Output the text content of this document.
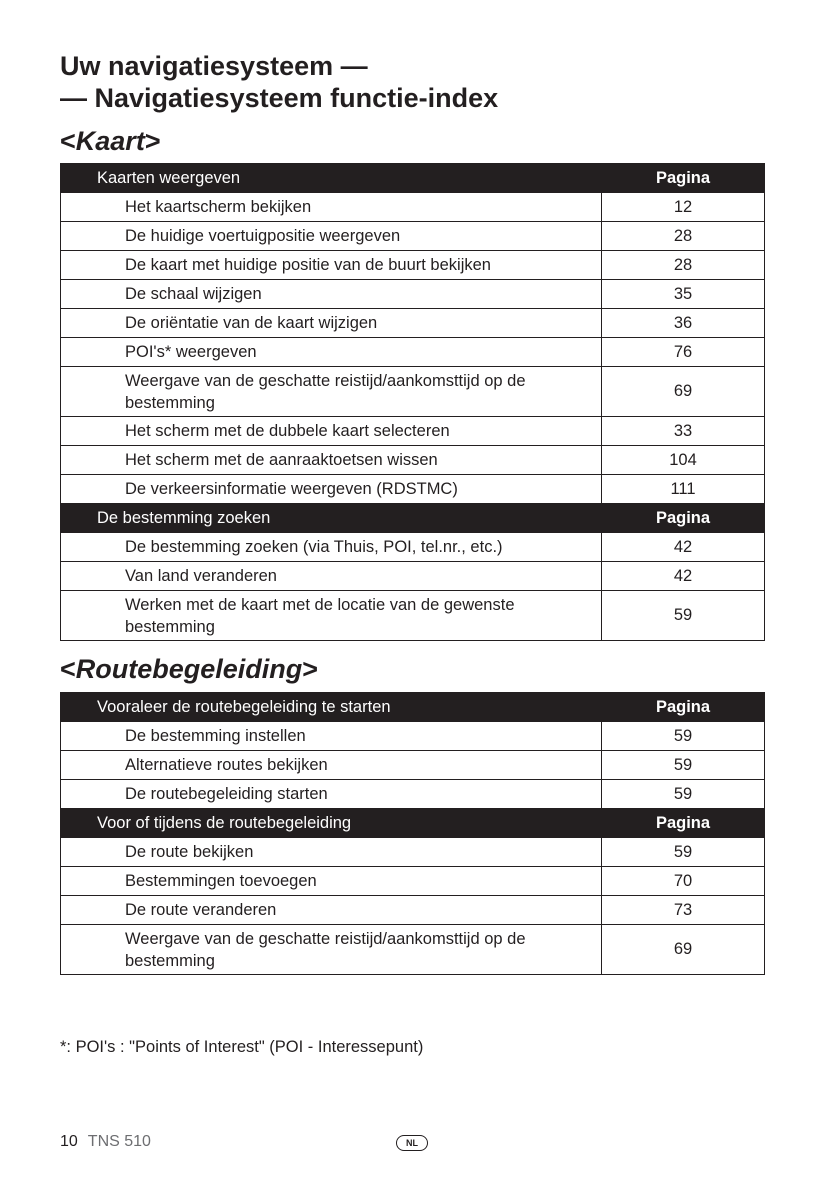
Uw navigatiesysteem —
— Navigatiesysteem functie-index
<Kaart>
Kaarten weergeven	Pagina
Het kaartscherm bekijken	12
De huidige voertuigpositie weergeven	28
De kaart met huidige positie van de buurt bekijken	28
De schaal wijzigen	35
De oriëntatie van de kaart wijzigen	36
POI's* weergeven	76
Weergave van de geschatte reistijd/aankomsttijd op de
bestemming	69
Het scherm met de dubbele kaart selecteren	33
Het scherm met de aanraaktoetsen wissen	104
De verkeersinformatie weergeven (RDSTMC)	111
De bestemming zoeken	Pagina
De bestemming zoeken (via Thuis, POI, tel.nr., etc.)	42
Van land veranderen	42
Werken met de kaart met de locatie van de gewenste
bestemming	59
<Routebegeleiding>
Vooraleer de routebegeleiding te starten	Pagina
De bestemming instellen	59
Alternatieve routes bekijken	59
De routebegeleiding starten	59
Voor of tijdens de routebegeleiding	Pagina
De route bekijken	59
Bestemmingen toevoegen	70
De route veranderen	73
Weergave van de geschatte reistijd/aankomsttijd op de
bestemming	69
*: POI's : "Points of Interest" (POI - Interessepunt)
10 TNS 510	NL
